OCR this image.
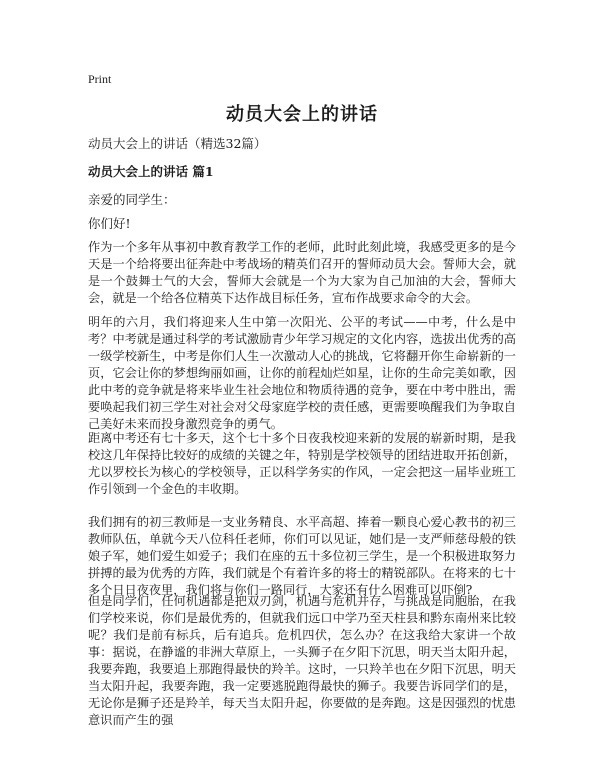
Print
动员大会上的讲话
动员大会上的讲话（精选32篇）
动员大会上的讲话 篇1
亲爱的同学生：
你们好!

作为一个多年从事初中教育教学工作的老师，此时此刻此境，我感受更多的是今天是一个给将要出征奔赴中考战场的精英们召开的誓师动员大会。誓师大会，就是一个鼓舞士气的大会，誓师大会就是一个为大家为自己加油的大会，誓师大会，就是一个给各位精英下达作战目标任务，宣布作战要求命令的大会。

明年的六月，我们将迎来人生中第一次阳光、公平的考试——中考，什么是中考？中考就是通过科学的考试激励青少年学习规定的文化内容，选拔出优秀的高一级学校新生，中考是你们人生一次激动人心的挑战，它将翻开你生命崭新的一页，它会让你的梦想绚丽如画，让你的前程灿烂如星，让你的生命完美如歌，因此中考的竞争就是将来毕业生社会地位和物质待遇的竞争，要在中考中胜出，需要唤起我们初三学生对社会对父母家庭学校的责任感，更需要唤醒我们为争取自己美好未来而投身激烈竞争的勇气。

距离中考还有七十多天，这个七十多个日夜我校迎来新的发展的崭新时期，是我校这几年保持比较好的成绩的关键之年，特别是学校领导的团结进取开拓创新，尤以罗校长为核心的学校领导，正以科学务实的作风，一定会把这一届毕业班工作引领到一个金色的丰收期。

我们拥有的初三教师是一支业务精良、水平高超、捧着一颗良心爱心教书的初三教师队伍，单就今天八位科任老师，你们可以见证，她们是一支严师慈母般的铁娘子军，她们爱生如爱子；我们在座的五十多位初三学生，是一个积极进取努力拼搏的最为优秀的方阵，我们就是个有着许多的将士的精锐部队。在将来的七十多个日日夜夜里，我们将与你们一路同行，大家还有什么困难可以吓倒?

但是同学们，任何机遇都是把双刃剑，机遇与危机并存，与挑战是同胞胎，在我们学校来说，你们是最优秀的，但就我们远口中学乃至天柱县和黔东南州来比较呢？我们是前有标兵，后有追兵。危机四伏，怎么办？在这我给大家讲一个故事：据说，在静谧的非洲大草原上，一头狮子在夕阳下沉思，明天当太阳升起，我要奔跑，我要追上那跑得最快的羚羊。这时，一只羚羊也在夕阳下沉思，明天当太阳升起，我要奔跑，我一定要逃脱跑得最快的狮子。我要告诉同学们的是，无论你是狮子还是羚羊，每天当太阳升起，你要做的是奔跑。这是因强烈的忧患意识而产生的强
